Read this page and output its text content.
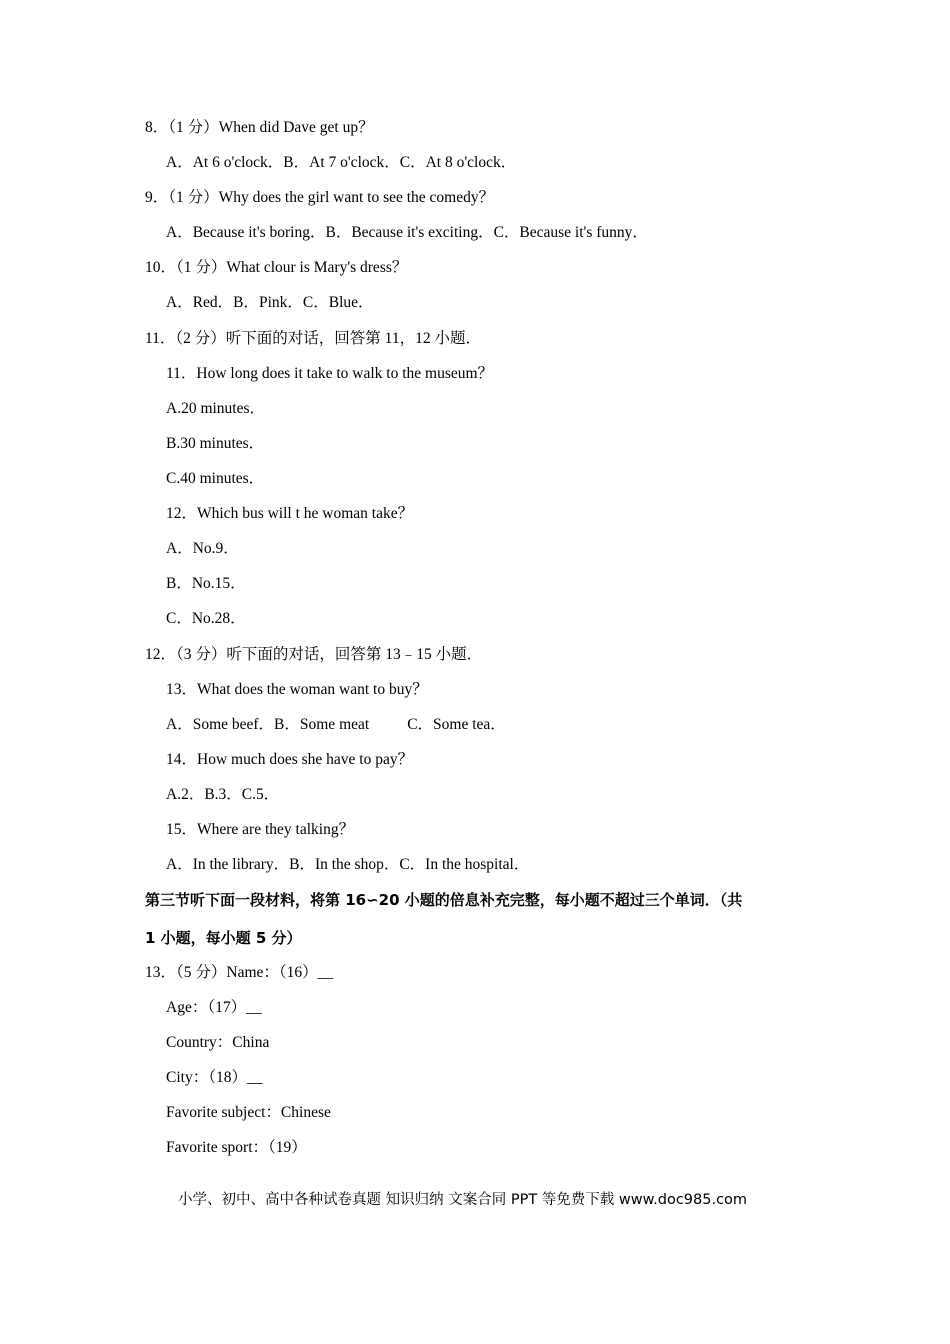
8．（1 分）When did Dave get up？
A．At 6 o'clock．B．At 7 o'clock．C．At 8 o'clock．
9．（1 分）Why does the girl want to see the comedy？
A．Because it's boring．B．Because it's exciting．C．Because it's funny．
10．（1 分）What clour is Mary's dress？
A．Red．B．Pink．C．Blue．
11．（2 分）听下面的对话，回答第 11，12 小题．
11．How long does it take to walk to the museum？
A.20 minutes．
B.30 minutes．
C.40 minutes．
12．Which bus will t he woman take？
A．No.9．
B．No.15．
C．No.28．
12．（3 分）听下面的对话，回答第 13﹣15 小题．
13．What does the woman want to buy？
A．Some beef．B．Some meat C．Some tea．
14．How much does she have to pay？
A.2．B.3．C.5．
15．Where are they talking？
A．In the library．B．In the shop．C．In the hospital．
第三节听下面一段材料，将第 16∽20 小题的倍息补充完整，每小题不超过三个单词．（共
1 小题，每小题 5 分）
13．（5 分）Name：（16）__
Age：（17）__
Country：China
City：（18）__
Favorite subject：Chinese
Favorite sport：（19）
小学、初中、高中各种试卷真题 知识归纳 文案合同 PPT 等免费下载 www.doc985.com
